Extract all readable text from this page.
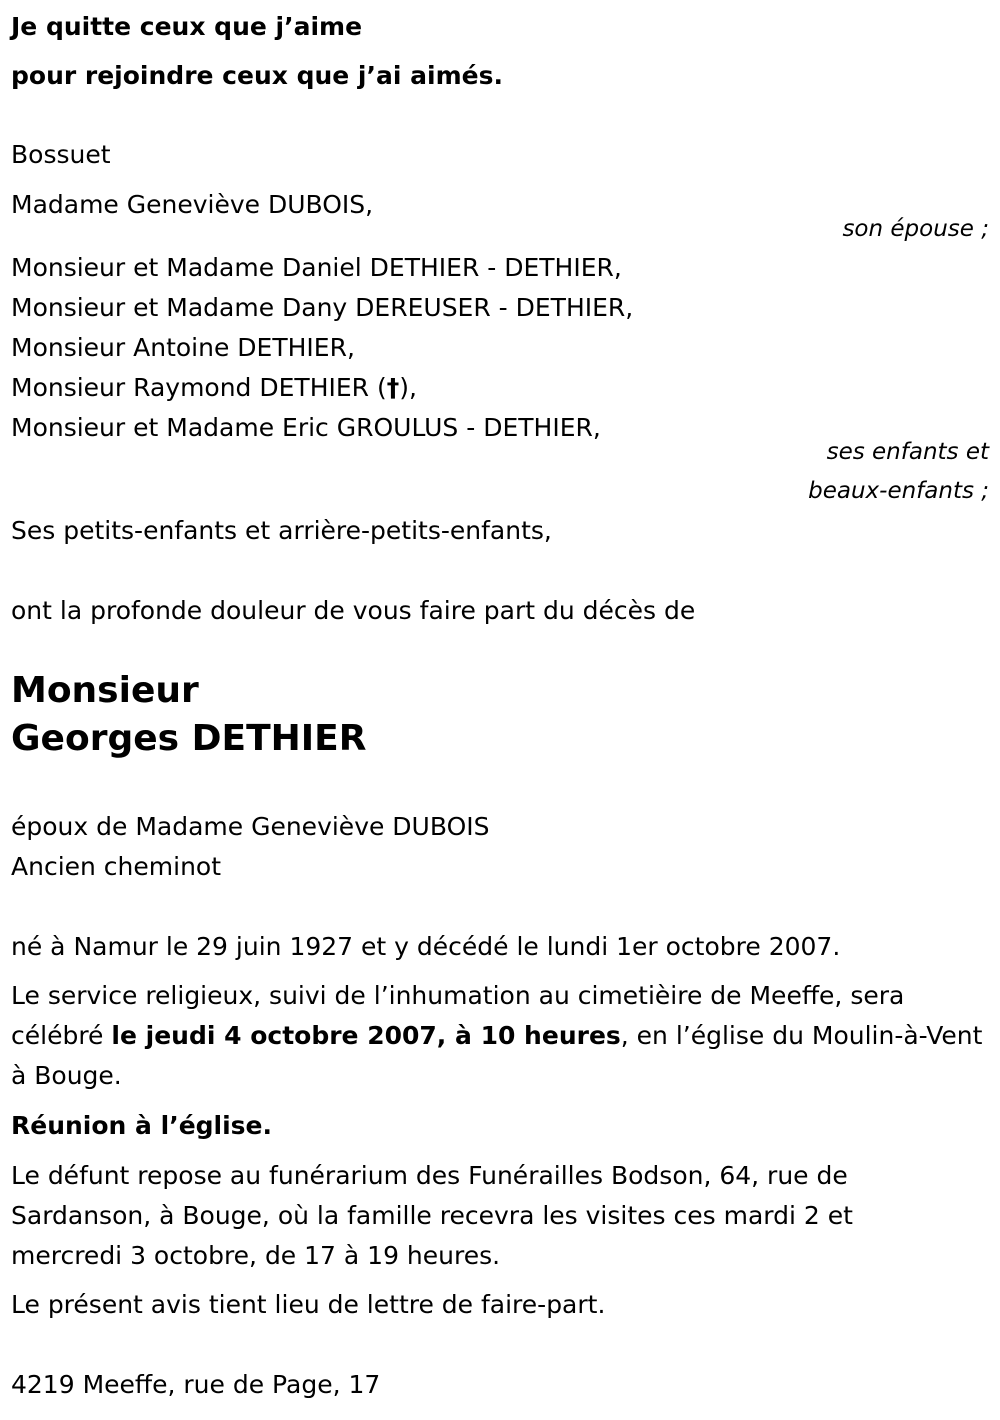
Je quitte ceux que j’aime
pour rejoindre ceux que j’ai aimés.
Bossuet
Madame Geneviève DUBOIS,
son épouse ;
Monsieur et Madame Daniel DETHIER - DETHIER,
Monsieur et Madame Dany DEREUSER - DETHIER,
Monsieur Antoine DETHIER,
Monsieur Raymond DETHIER (†),
Monsieur et Madame Eric GROULUS - DETHIER,
ses enfants et
beaux-enfants ;
Ses petits-enfants et arrière-petits-enfants,
ont la profonde douleur de vous faire part du décès de
Monsieur
Georges DETHIER
époux de Madame Geneviève DUBOIS
Ancien cheminot
né à Namur le 29 juin 1927 et y décédé le lundi 1er octobre 2007.
Le service religieux, suivi de l’inhumation au cimetièire de Meeffe, sera
célébré le jeudi 4 octobre 2007, à 10 heures, en l’église du Moulin-à-Vent
à Bouge.
Réunion à l’église.
Le défunt repose au funérarium des Funérailles Bodson, 64, rue de
Sardanson, à Bouge, où la famille recevra les visites ces mardi 2 et
mercredi 3 octobre, de 17 à 19 heures.
Le présent avis tient lieu de lettre de faire-part.
4219 Meeffe, rue de Page, 17
